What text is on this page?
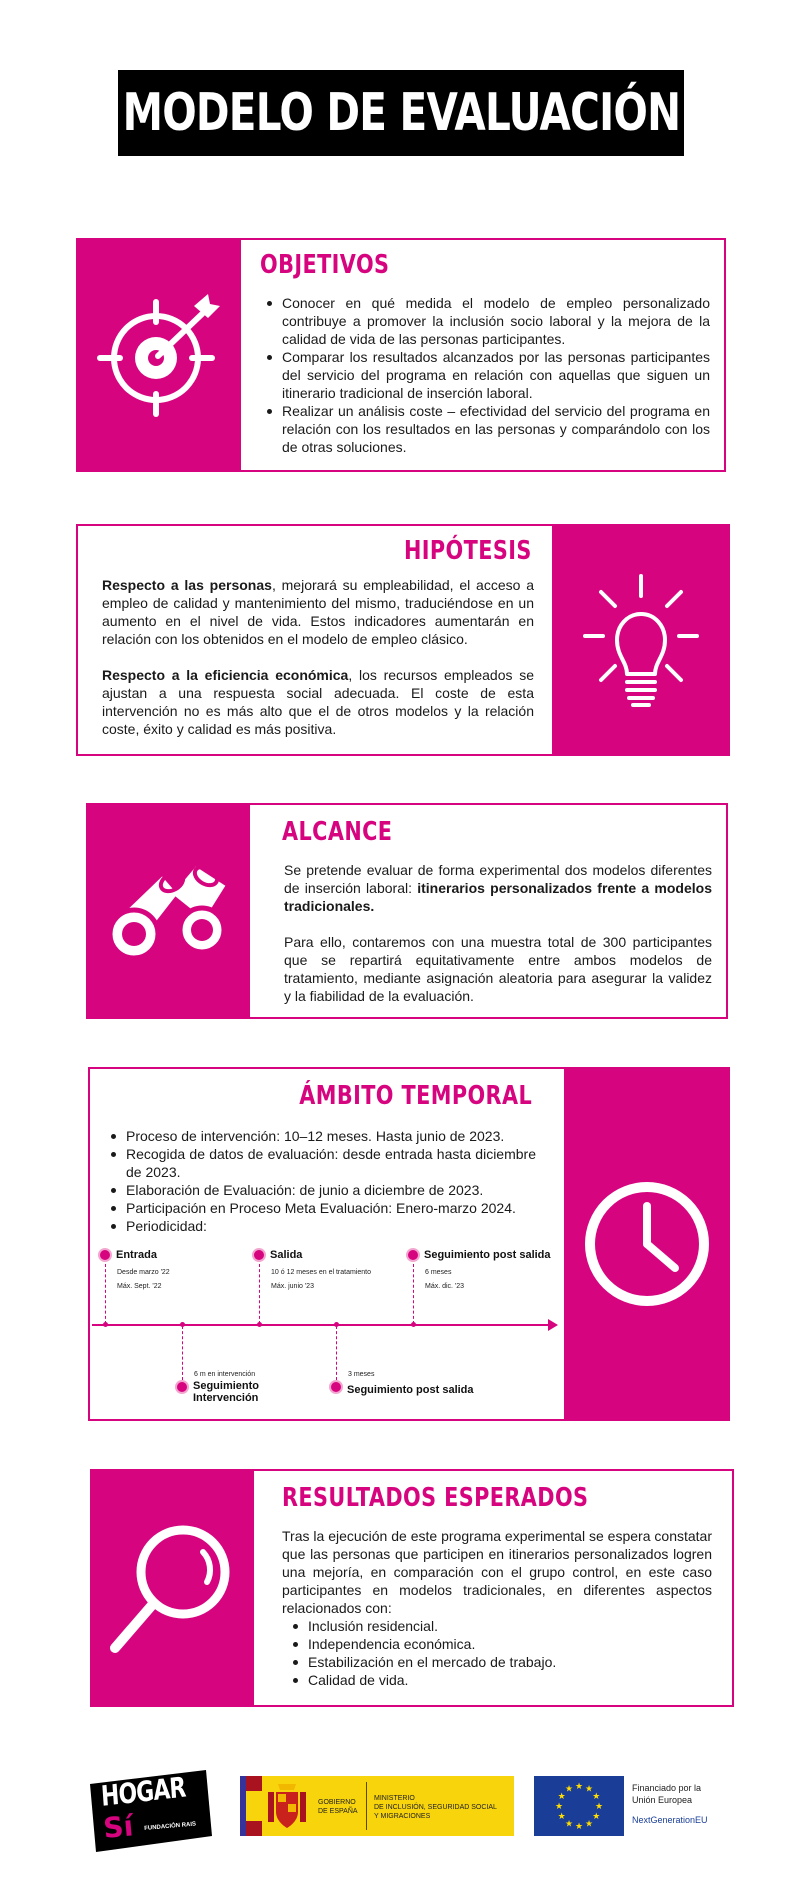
MODELO DE EVALUACIÓN
OBJETIVOS
Conocer en qué medida el modelo de empleo personalizado contribuye a promover la inclusión socio laboral y la mejora de la calidad de vida de las personas participantes.
Comparar los resultados alcanzados por las personas participantes del servicio del programa en relación con aquellas que siguen un itinerario tradicional de inserción laboral.
Realizar un análisis coste – efectividad del servicio del programa en relación con los resultados en las personas y comparándolo con los de otras soluciones.
HIPÓTESIS

Respecto a las personas, mejorará su empleabilidad, el acceso a empleo de calidad y mantenimiento del mismo, traduciéndose en un aumento en el nivel de vida. Estos indicadores aumentarán en relación con los obtenidos en el modelo de empleo clásico.

Respecto a la eficiencia económica, los recursos empleados se ajustan a una respuesta social adecuada. El coste de esta intervención no es más alto que el de otros modelos y la relación coste, éxito y calidad es más positiva.

ALCANCE

Se pretende evaluar de forma experimental dos modelos diferentes de inserción laboral: itinerarios personalizados frente a modelos tradicionales.

Para ello, contaremos con una muestra total de 300 participantes que se repartirá equitativamente entre ambos modelos de tratamiento, mediante asignación aleatoria para asegurar la validez y la fiabilidad de la evaluación.

ÁMBITO TEMPORAL
Proceso de intervención: 10–12 meses. Hasta junio de 2023.
Recogida de datos de evaluación: desde entrada hasta diciembre de 2023.
Elaboración de Evaluación: de junio a diciembre de 2023.
Participación en Proceso Meta Evaluación: Enero-marzo 2024.
Periodicidad:
Entrada
Desde marzo '22
Máx. Sept. '22
Salida
10 ó 12 meses en el tratamiento
Máx. junio '23
Seguimiento post salida
6 meses
Máx. dic. '23
6 m en intervención
Seguimiento
Intervención
3 meses
Seguimiento post salida
RESULTADOS ESPERADOS

Tras la ejecución de este programa experimental se espera constatar que las personas que participen en itinerarios personalizados logren una mejoría, en comparación con el grupo control, en este caso participantes en modelos tradicionales, en diferentes aspectos relacionados con:

Inclusión residencial.
Independencia económica.
Estabilización en el mercado de trabajo.
Calidad de vida.
HOGAR
Sí FUNDACIÓN RAIS
GOBIERNO
DE ESPAÑA
MINISTERIO
DE INCLUSIÓN, SEGURIDAD SOCIAL
Y MIGRACIONES
★
★
★
★
★
★
★
★
★ ★ ★
★
Financiado por la
Unión Europea
NextGenerationEU
